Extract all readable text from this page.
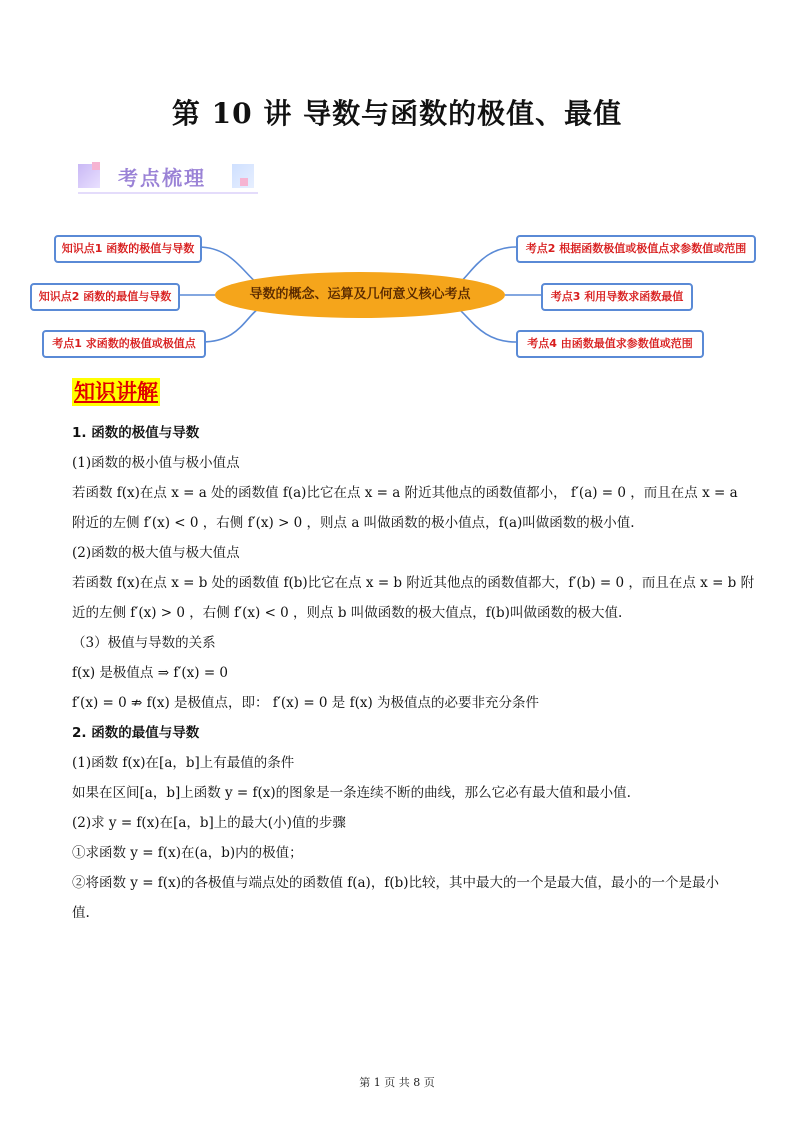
第 10 讲 导数与函数的极值、最值
考点梳理
知识点1 函数的极值与导数
知识点2 函数的最值与导数
考点1 求函数的极值或极值点
导数的概念、运算及几何意义核心考点
考点2 根据函数极值或极值点求参数值或范围
考点3 利用导数求函数最值
考点4 由函数最值求参数值或范围
知识讲解
1. 函数的极值与导数
(1)函数的极小值与极小值点
若函数 f(x)在点 x = a 处的函数值 f(a)比它在点 x = a 附近其他点的函数值都小， f′(a) = 0 ，而且在点 x = a
附近的左侧 f′(x) < 0 ，右侧 f′(x) > 0 ，则点 a 叫做函数的极小值点，f(a)叫做函数的极小值.
(2)函数的极大值与极大值点
若函数 f(x)在点 x = b 处的函数值 f(b)比它在点 x = b 附近其他点的函数值都大，f′(b) = 0 ，而且在点 x = b 附
近的左侧 f′(x) > 0 ，右侧 f′(x) < 0 ，则点 b 叫做函数的极大值点，f(b)叫做函数的极大值.
（3）极值与导数的关系
f(x) 是极值点 ⇒ f′(x) = 0
f′(x) = 0 ⇏ f(x) 是极值点，即： f′(x) = 0 是 f(x) 为极值点的必要非充分条件
2. 函数的最值与导数
(1)函数 f(x)在[a，b]上有最值的条件
如果在区间[a，b]上函数 y = f(x)的图象是一条连续不断的曲线，那么它必有最大值和最小值.
(2)求 y = f(x)在[a，b]上的最大(小)值的步骤
①求函数 y = f(x)在(a，b)内的极值；
②将函数 y = f(x)的各极值与端点处的函数值 f(a)，f(b)比较，其中最大的一个是最大值，最小的一个是最小
值.
第 1 页 共 8 页
